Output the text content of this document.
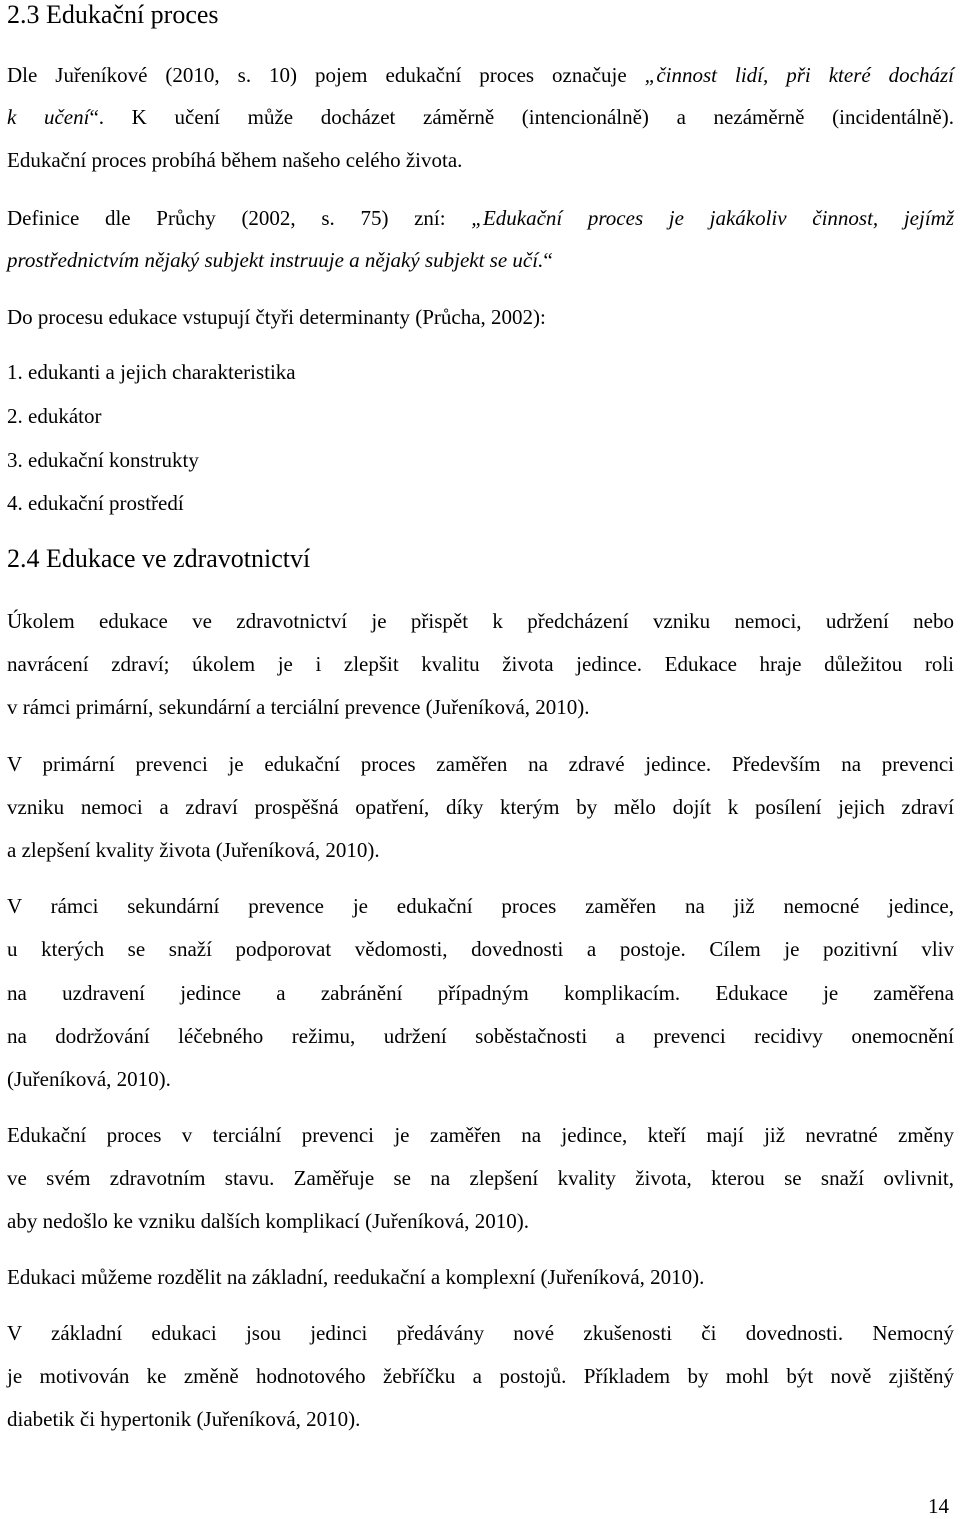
2.3 Edukační proces
Dle Juřeníkové (2010, s. 10) pojem edukační proces označuje „činnost lidí, při které dochází
k učení“. K učení může docházet záměrně (intencionálně) a nezáměrně (incidentálně).
Edukační proces probíhá během našeho celého života.
Definice dle Průchy (2002, s. 75) zní: „Edukační proces je jakákoliv činnost, jejímž
prostřednictvím nějaký subjekt instruuje a nějaký subjekt se učí.“
Do procesu edukace vstupují čtyři determinanty (Průcha, 2002):
1. edukanti a jejich charakteristika
2. edukátor
3. edukační konstrukty
4. edukační prostředí
2.4 Edukace ve zdravotnictví
Úkolem edukace ve zdravotnictví je přispět k předcházení vzniku nemoci, udržení nebo
navrácení zdraví; úkolem je i zlepšit kvalitu života jedince. Edukace hraje důležitou roli
v rámci primární, sekundární a terciální prevence (Juřeníková, 2010).
V primární prevenci je edukační proces zaměřen na zdravé jedince. Především na prevenci
vzniku nemoci a zdraví prospěšná opatření, díky kterým by mělo dojít k posílení jejich zdraví
a zlepšení kvality života (Juřeníková, 2010).
V rámci sekundární prevence je edukační proces zaměřen na již nemocné jedince,
u kterých se snaží podporovat vědomosti, dovednosti a postoje. Cílem je pozitivní vliv
na uzdravení jedince a zabránění případným komplikacím. Edukace je zaměřena
na dodržování léčebného režimu, udržení soběstačnosti a prevenci recidivy onemocnění
(Juřeníková, 2010).
Edukační proces v terciální prevenci je zaměřen na jedince, kteří mají již nevratné změny
ve svém zdravotním stavu. Zaměřuje se na zlepšení kvality života, kterou se snaží ovlivnit,
aby nedošlo ke vzniku dalších komplikací (Juřeníková, 2010).
Edukaci můžeme rozdělit na základní, reedukační a komplexní (Juřeníková, 2010).
V základní edukaci jsou jedinci předávány nové zkušenosti či dovednosti. Nemocný
je motivován ke změně hodnotového žebříčku a postojů. Příkladem by mohl být nově zjištěný
diabetik či hypertonik (Juřeníková, 2010).
14
